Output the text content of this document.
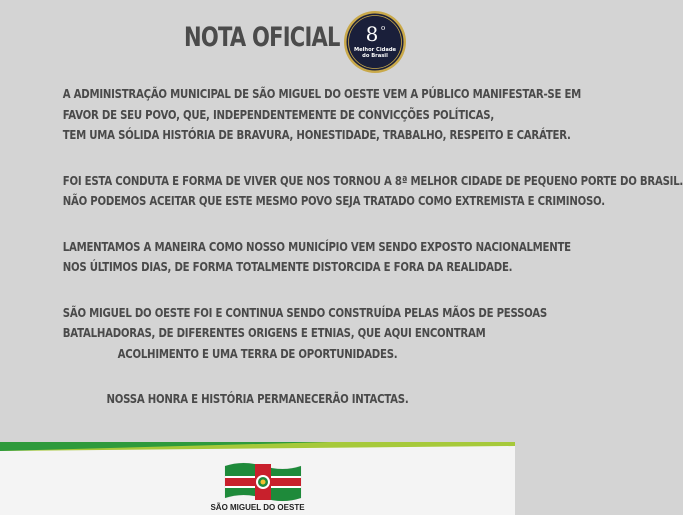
NOTA OFICIAL 8 o
Melhor Cidade
do Brasil

A ADMINISTRAÇÃO MUNICIPAL DE SÃO MIGUEL DO OESTE VEM A PÚBLICO MANIFESTAR-SE EM
FAVOR DE SEU POVO, QUE, INDEPENDENTEMENTE DE CONVICÇÕES POLÍTICAS,
TEM UMA SÓLIDA HISTÓRIA DE BRAVURA, HONESTIDADE, TRABALHO, RESPEITO E CARÁTER.

FOI ESTA CONDUTA E FORMA DE VIVER QUE NOS TORNOU A 8ª MELHOR CIDADE DE PEQUENO PORTE DO BRASIL.
NÃO PODEMOS ACEITAR QUE ESTE MESMO POVO SEJA TRATADO COMO EXTREMISTA E CRIMINOSO.

LAMENTAMOS A MANEIRA COMO NOSSO MUNICÍPIO VEM SENDO EXPOSTO NACIONALMENTE
NOS ÚLTIMOS DIAS, DE FORMA TOTALMENTE DISTORCIDA E FORA DA REALIDADE.

SÃO MIGUEL DO OESTE FOI E CONTINUA SENDO CONSTRUÍDA PELAS MÃOS DE PESSOAS
BATALHADORAS, DE DIFERENTES ORIGENS E ETNIAS, QUE AQUI ENCONTRAM
ACOLHIMENTO E UMA TERRA DE OPORTUNIDADES.

NOSSA HONRA E HISTÓRIA PERMANECERÃO INTACTAS.

SÃO MIGUEL DO OESTE
